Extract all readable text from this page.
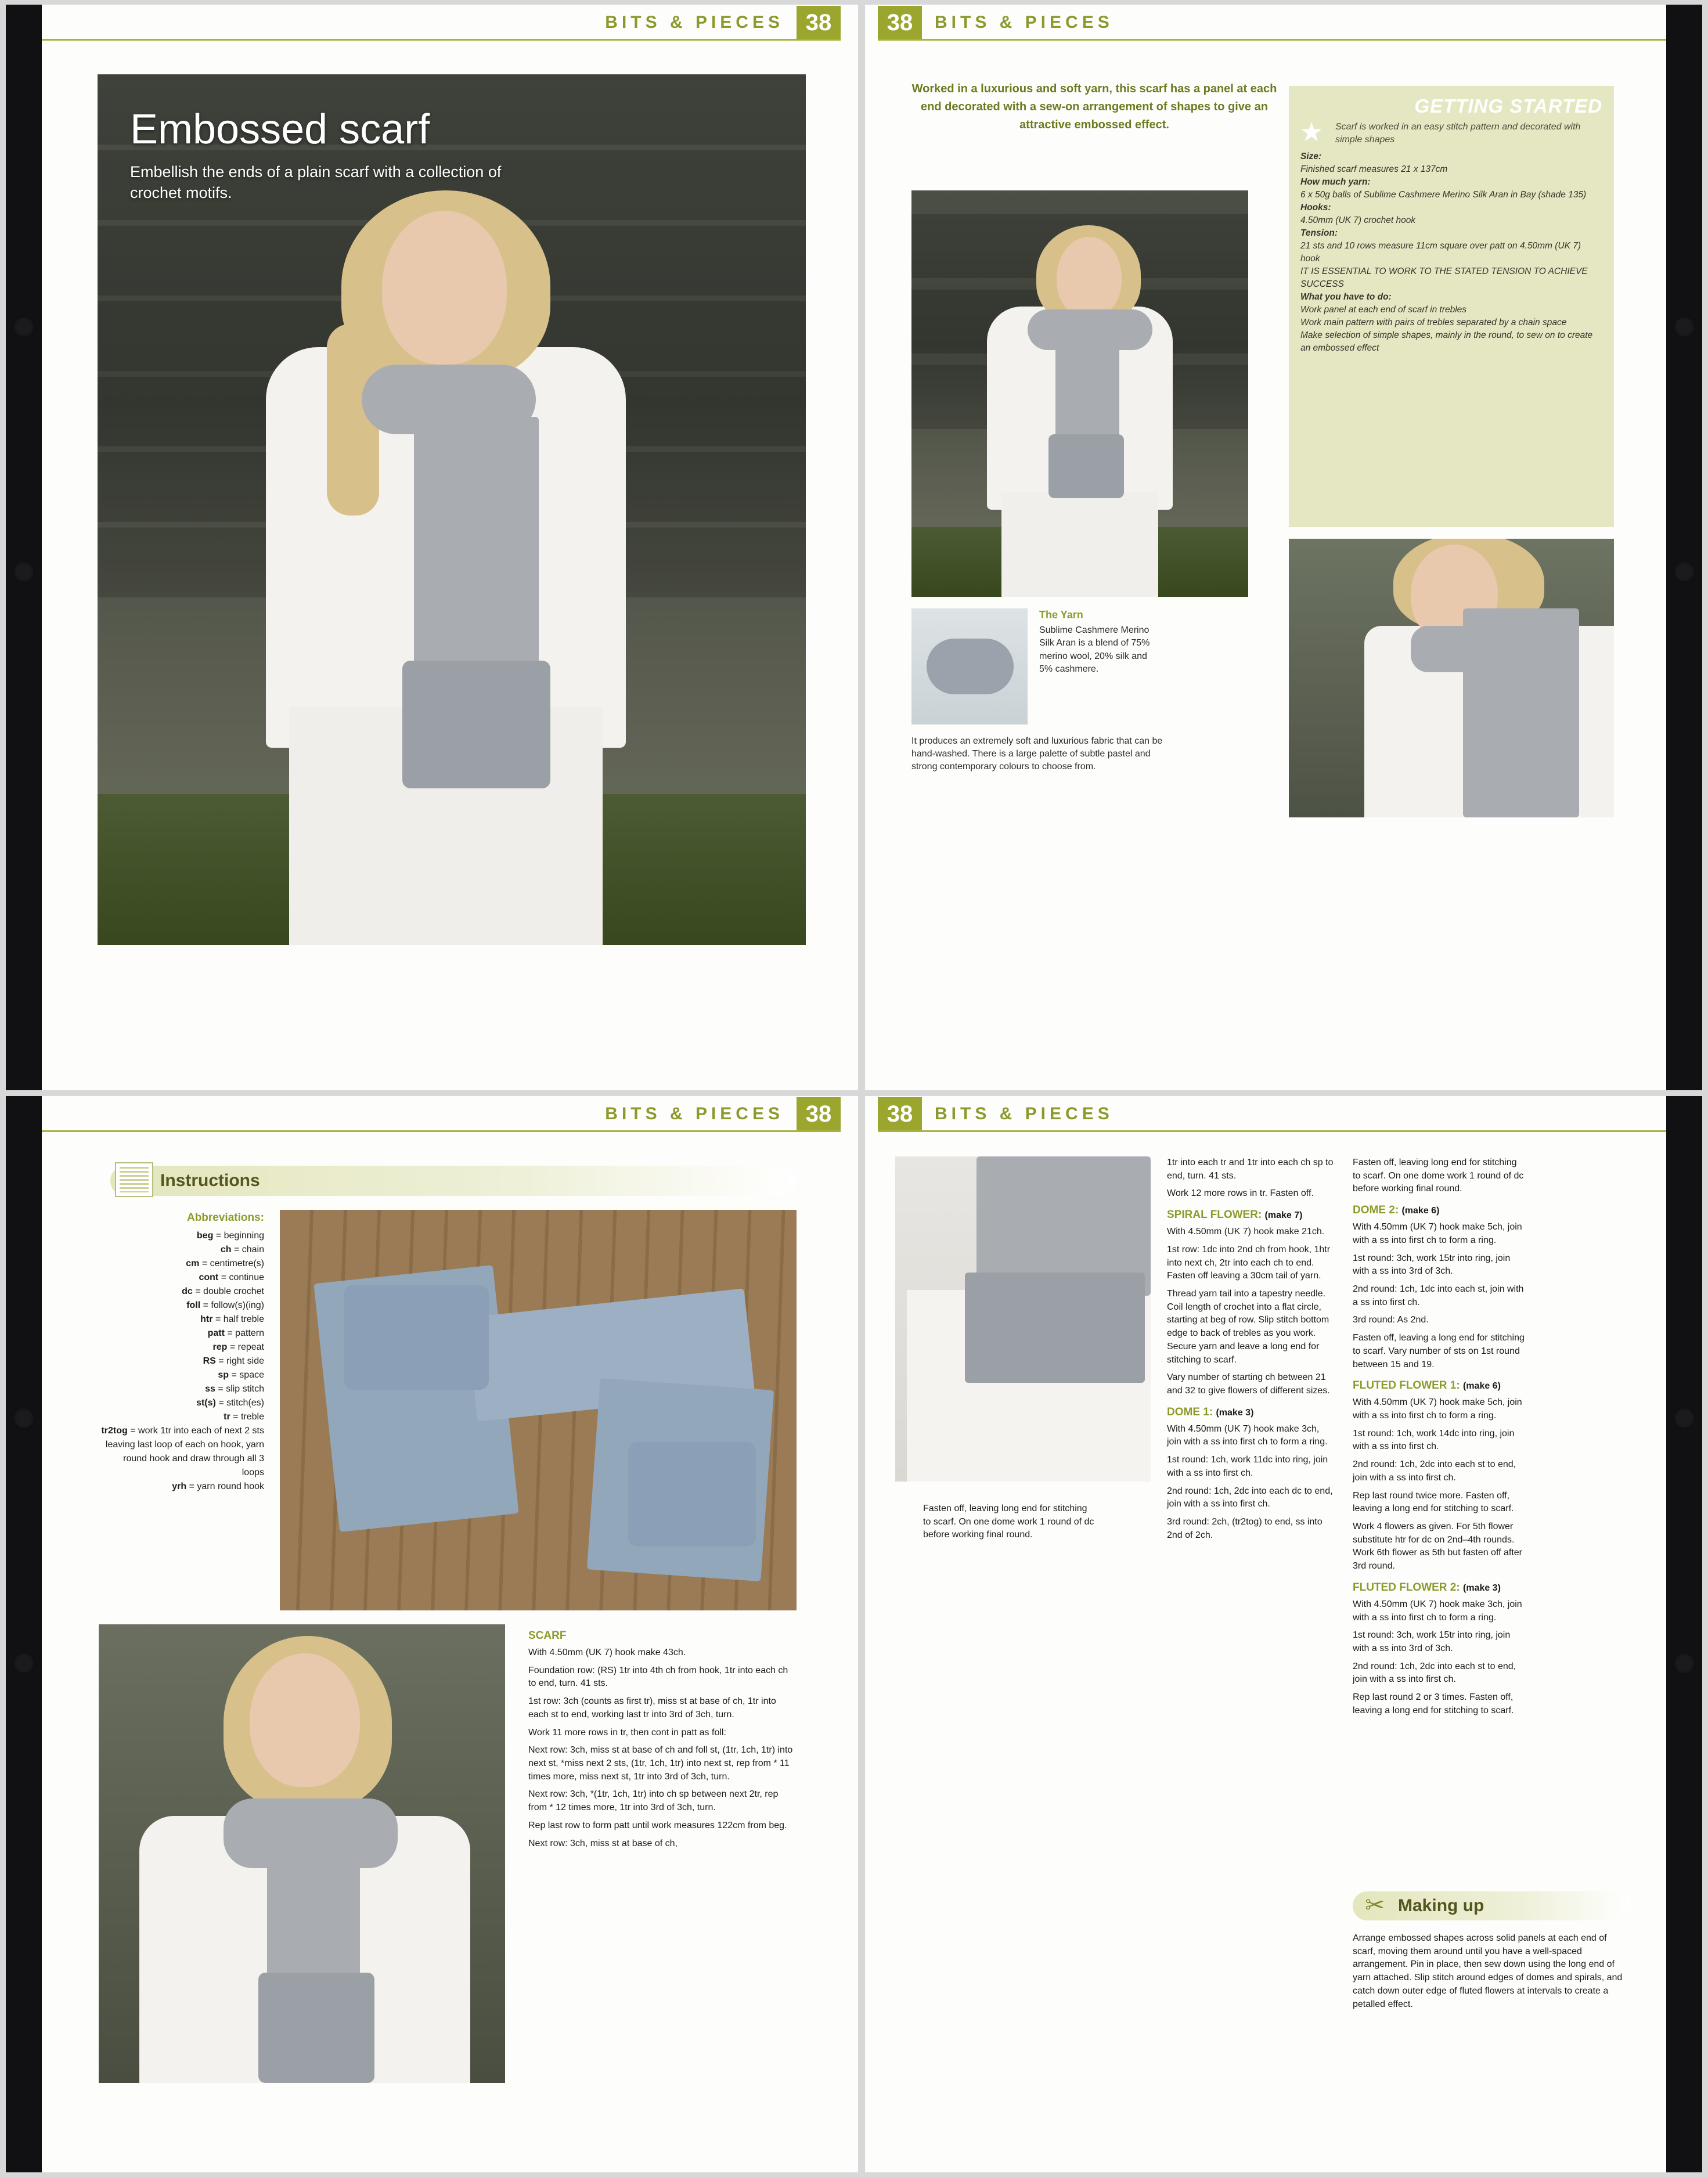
BITS & PIECES 38
Embossed scarf
Embellish the ends of a plain scarf with a collection of crochet motifs.
38	BITS & PIECES
Worked in a luxurious and soft yarn, this scarf has a panel at each end decorated with a sew-on arrangement of shapes to give an attractive embossed effect.
GETTING STARTED
★ Scarf is worked in an easy stitch pattern and decorated with simple shapes
Size:
Finished scarf measures 21 x 137cm
How much yarn:
6 x 50g balls of Sublime Cashmere Merino Silk Aran in Bay (shade 135)
Hooks:
4.50mm (UK 7) crochet hook
Tension:
21 sts and 10 rows measure 11cm square over patt on 4.50mm (UK 7) hook
IT IS ESSENTIAL TO WORK TO THE STATED TENSION TO ACHIEVE SUCCESS
What you have to do:
Work panel at each end of scarf in trebles
Work main pattern with pairs of trebles separated by a chain space
Make selection of simple shapes, mainly in the round, to sew on to create an embossed effect
The Yarn
Sublime Cashmere Merino Silk Aran is a blend of 75% merino wool, 20% silk and 5% cashmere.
It produces an extremely soft and luxurious fabric that can be hand-washed. There is a large palette of subtle pastel and strong contemporary colours to choose from.
BITS & PIECES 38
Instructions
Abbreviations:
beg = beginning
ch = chain
cm = centimetre(s)
cont = continue
dc = double crochet
foll = follow(s)(ing)
htr = half treble
patt = pattern
rep = repeat
RS = right side
sp = space
ss = slip stitch
st(s) = stitch(es)
tr = treble
tr2tog = work 1tr into each of next 2 sts leaving last loop of each on hook, yarn round hook and draw through all 3 loops
yrh = yarn round hook
SCARF

With 4.50mm (UK 7) hook make 43ch.

Foundation row: (RS) 1tr into 4th ch from hook, 1tr into each ch to end, turn. 41 sts.

1st row: 3ch (counts as first tr), miss st at base of ch, 1tr into each st to end, working last tr into 3rd of 3ch, turn.

Work 11 more rows in tr, then cont in patt as foll:

Next row: 3ch, miss st at base of ch and foll st, (1tr, 1ch, 1tr) into next st, *miss next 2 sts, (1tr, 1ch, 1tr) into next st, rep from * 11 times more, miss next st, 1tr into 3rd of 3ch, turn.

Next row: 3ch, *(1tr, 1ch, 1tr) into ch sp between next 2tr, rep from * 12 times more, 1tr into 3rd of 3ch, turn.

Rep last row to form patt until work measures 122cm from beg.

Next row: 3ch, miss st at base of ch,

38	BITS & PIECES

1tr into each tr and 1tr into each ch sp to end, turn. 41 sts.

Work 12 more rows in tr. Fasten off.

SPIRAL FLOWER: (make 7)

With 4.50mm (UK 7) hook make 21ch.

1st row: 1dc into 2nd ch from hook, 1htr into next ch, 2tr into each ch to end. Fasten off leaving a 30cm tail of yarn.

Thread yarn tail into a tapestry needle. Coil length of crochet into a flat circle, starting at beg of row. Slip stitch bottom edge to back of trebles as you work. Secure yarn and leave a long end for stitching to scarf.

Vary number of starting ch between 21 and 32 to give flowers of different sizes.

DOME 1: (make 3)

With 4.50mm (UK 7) hook make 3ch, join with a ss into first ch to form a ring.

1st round: 1ch, work 11dc into ring, join with a ss into first ch.

2nd round: 1ch, 2dc into each dc to end, join with a ss into first ch.

3rd round: 2ch, (tr2tog) to end, ss into 2nd of 2ch.

Fasten off, leaving long end for stitching to scarf. On one dome work 1 round of dc before working final round.

Fasten off, leaving long end for stitching to scarf. On one dome work 1 round of dc before working final round.

DOME 2: (make 6)

With 4.50mm (UK 7) hook make 5ch, join with a ss into first ch to form a ring.

1st round: 3ch, work 15tr into ring, join with a ss into 3rd of 3ch.

2nd round: 1ch, 1dc into each st, join with a ss into first ch.

3rd round: As 2nd.

Fasten off, leaving a long end for stitching to scarf. Vary number of sts on 1st round between 15 and 19.

FLUTED FLOWER 1: (make 6)

With 4.50mm (UK 7) hook make 5ch, join with a ss into first ch to form a ring.

1st round: 1ch, work 14dc into ring, join with a ss into first ch.

2nd round: 1ch, 2dc into each st to end, join with a ss into first ch.

Rep last round twice more. Fasten off, leaving a long end for stitching to scarf.

Work 4 flowers as given. For 5th flower substitute htr for dc on 2nd–4th rounds. Work 6th flower as 5th but fasten off after 3rd round.

FLUTED FLOWER 2: (make 3)

With 4.50mm (UK 7) hook make 3ch, join with a ss into first ch to form a ring.

1st round: 3ch, work 15tr into ring, join with a ss into 3rd of 3ch.

2nd round: 1ch, 2dc into each st to end, join with a ss into first ch.

Rep last round 2 or 3 times. Fasten off, leaving a long end for stitching to scarf.

✂ Making up

Arrange embossed shapes across solid panels at each end of scarf, moving them around until you have a well-spaced arrangement. Pin in place, then sew down using the long end of yarn attached. Slip stitch around edges of domes and spirals, and catch down outer edge of fluted flowers at intervals to create a petalled effect.
